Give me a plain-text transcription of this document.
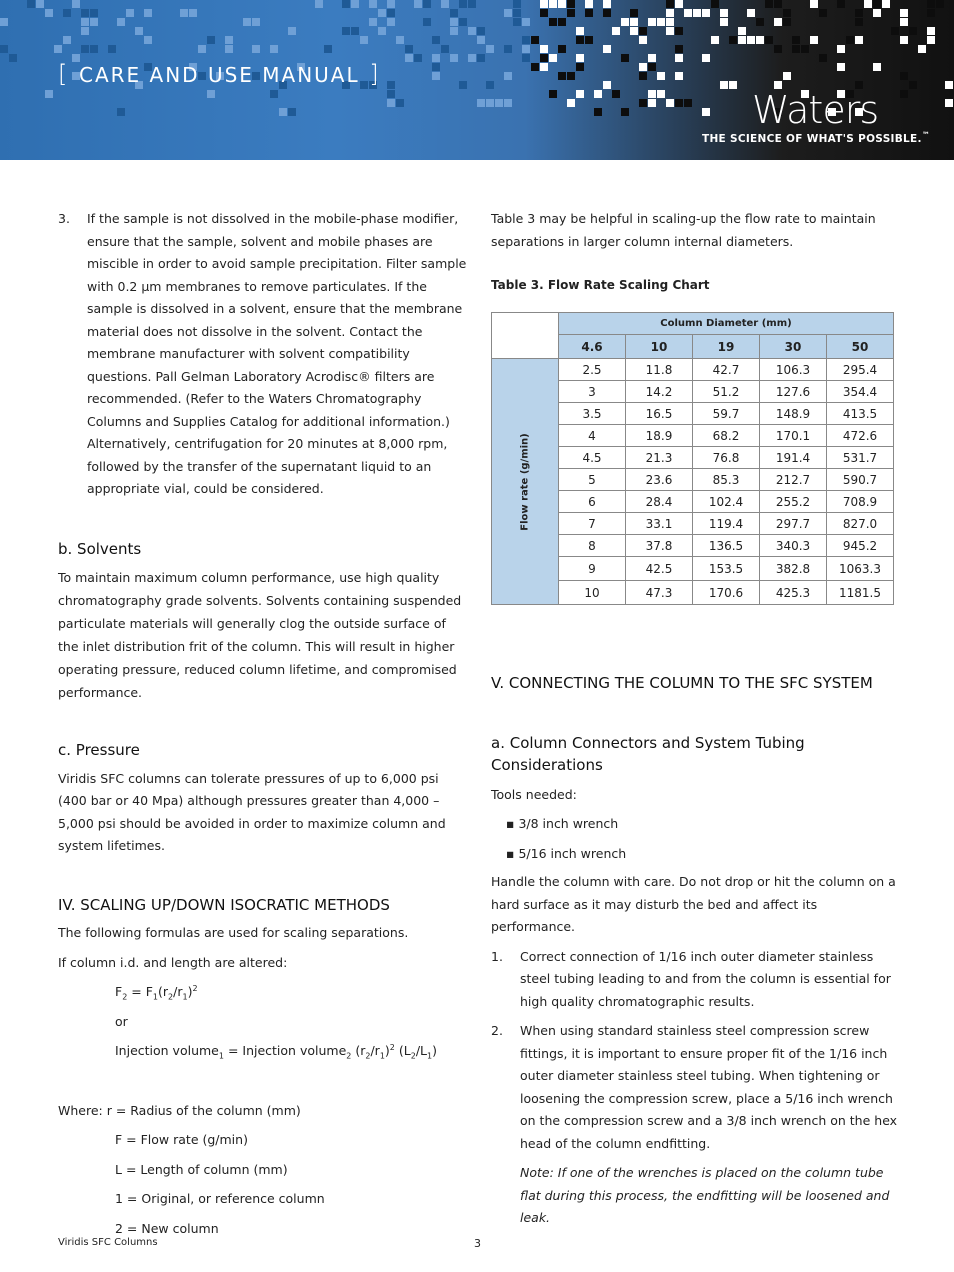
[ CARE AND USE MANUAL ]
Waters
THE SCIENCE OF WHAT'S POSSIBLE.™
3. If the sample is not dissolved in the mobile-phase modifier, ensure that the sample, solvent and mobile phases are miscible in order to avoid sample precipitation. Filter sample with 0.2 µm membranes to remove particulates. If the sample is dissolved in a solvent, ensure that the membrane material does not dissolve in the solvent. Contact the membrane manufacturer with solvent compatibility questions. Pall Gelman Laboratory Acrodisc® filters are recommended. (Refer to the Waters Chromatography Columns and Supplies Catalog for additional information.) Alternatively, centrifugation for 20 minutes at 8,000 rpm, followed by the transfer of the supernatant liquid to an appropriate vial, could be considered.

b. Solvents

To maintain maximum column performance, use high quality chromatography grade solvents. Solvents containing suspended particulate materials will generally clog the outside surface of the inlet distribution frit of the column. This will result in higher operating pressure, reduced column lifetime, and compromised performance.

c. Pressure

Viridis SFC columns can tolerate pressures of up to 6,000 psi (400 bar or 40 Mpa) although pressures greater than 4,000 – 5,000 psi should be avoided in order to maximize column and system lifetimes.

IV. SCALING UP/DOWN ISOCRATIC METHODS

The following formulas are used for scaling separations.

If column i.d. and length are altered:

$F_2 = F_1(r_2/r_1)^2$

or

Injection volume$_1$ = Injection volume$_2$ $(r_2/r_1)^2$ $(L_2/L_1)$

Where: r = Radius of the column (mm)

F = Flow rate (g/min)

L = Length of column (mm)

1 = Original, or reference column

2 = New column

Table 3 may be helpful in scaling-up the flow rate to maintain separations in larger column internal diameters.

Table 3. Flow Rate Scaling Chart

	Column Diameter (mm)				
	4.6	10	19	30	50

Flow rate (g/min)	2.5	11.8	42.7	106.3	295.4
	3	14.2	51.2	127.6	354.4
	3.5	16.5	59.7	148.9	413.5
	4	18.9	68.2	170.1	472.6
	4.5	21.3	76.8	191.4	531.7
	5	23.6	85.3	212.7	590.7
	6	28.4	102.4	255.2	708.9
	7	33.1	119.4	297.7	827.0
	8	37.8	136.5	340.3	945.2
	9	42.5	153.5	382.8	1063.3
	10	47.3	170.6	425.3	1181.5
V. CONNECTING THE COLUMN TO THE SFC SYSTEM
a. Column Connectors and System Tubing Considerations

Tools needed:

▪ 3/8 inch wrench

▪ 5/16 inch wrench

Handle the column with care. Do not drop or hit the column on a hard surface as it may disturb the bed and affect its performance.

1. Correct connection of 1/16 inch outer diameter stainless steel tubing leading to and from the column is essential for high quality chromatographic results.

2. When using standard stainless steel compression screw fittings, it is important to ensure proper fit of the 1/16 inch outer diameter stainless steel tubing. When tightening or loosening the compression screw, place a 5/16 inch wrench on the compression screw and a 3/8 inch wrench on the hex head of the column endfitting.

Note: If one of the wrenches is placed on the column tube flat during this process, the endfitting will be loosened and leak.

Viridis SFC Columns	3
